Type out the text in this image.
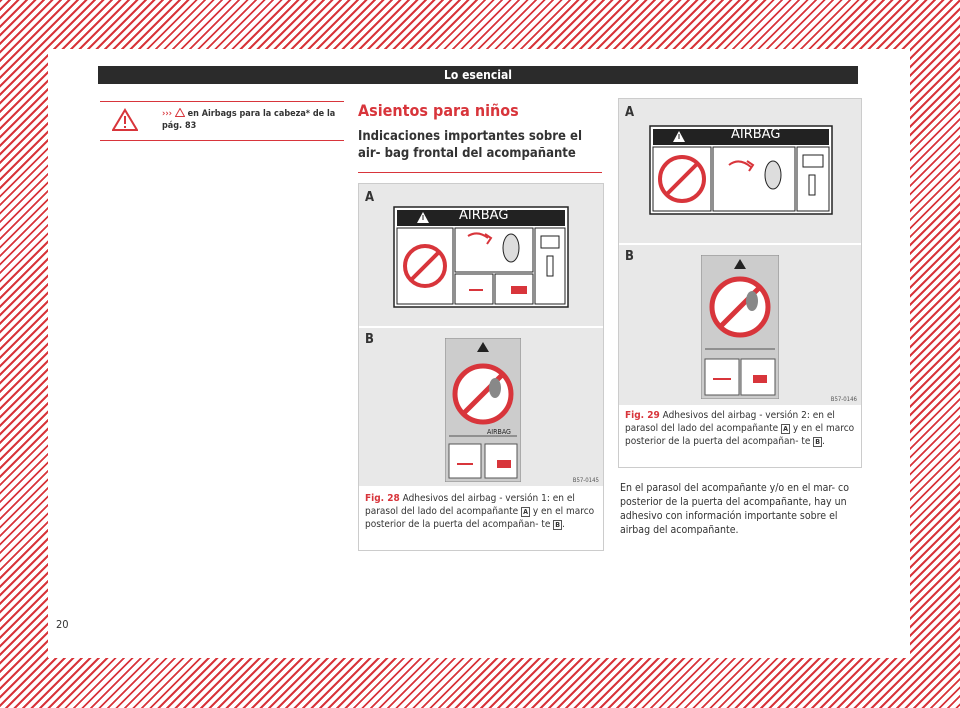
Lo esencial
››› en Airbags para la cabeza* de la pág. 83
Asientos para niños
Indicaciones importantes sobre el air- bag frontal del acompañante
A
B
AIRBAG
AIRBAG
B57-0145
Fig. 28 Adhesivos del airbag - versión 1: en el parasol del lado del acompañante A y en el marco posterior de la puerta del acompañan- te B .
A
B
AIRBAG
B57-0146
Fig. 29 Adhesivos del airbag - versión 2: en el parasol del lado del acompañante A y en el marco posterior de la puerta del acompañan- te B .
En el parasol del acompañante y/o en el mar- co posterior de la puerta del acompañante, hay un adhesivo con información importante sobre el airbag del acompañante.
20
